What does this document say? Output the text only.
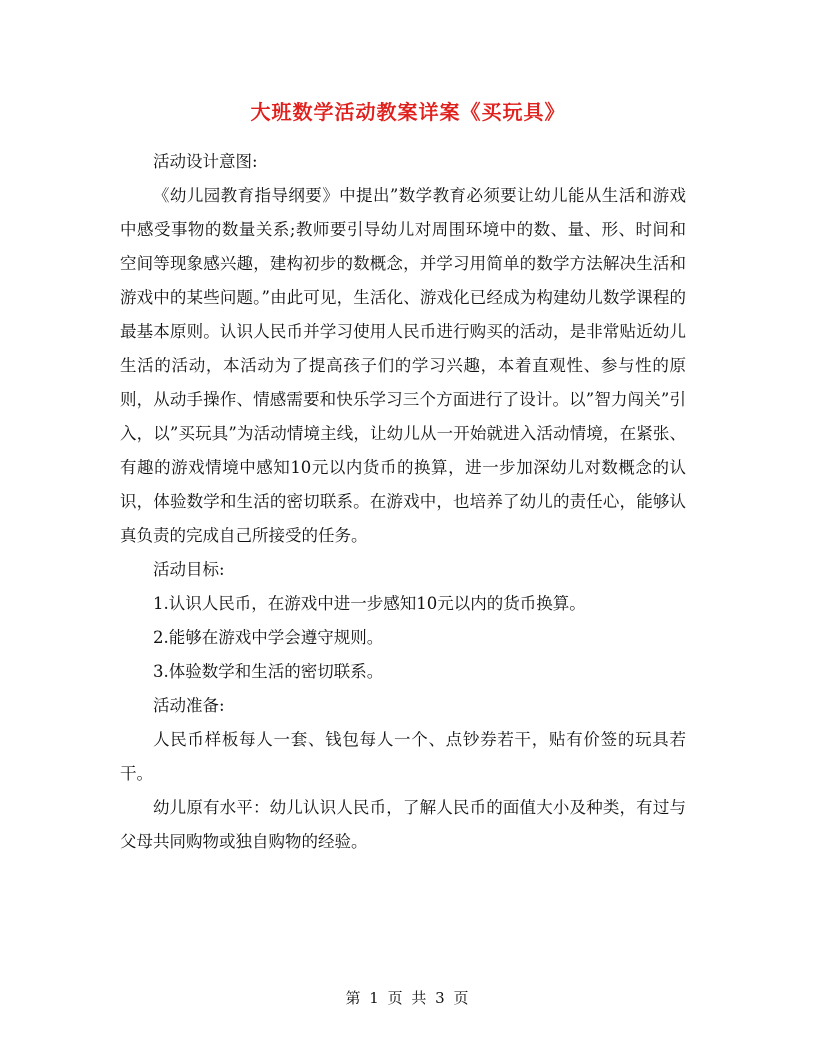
大班数学活动教案详案《买玩具》

活动设计意图:

《幼儿园教育指导纲要》中提出”数学教育必须要让幼儿能从生活和游戏中感受事物的数量关系;教师要引导幼儿对周围环境中的数、量、形、时间和空间等现象感兴趣，建构初步的数概念，并学习用简单的数学方法解决生活和游戏中的某些问题。”由此可见，生活化、游戏化已经成为构建幼儿数学课程的最基本原则。认识人民币并学习使用人民币进行购买的活动，是非常贴近幼儿生活的活动，本活动为了提高孩子们的学习兴趣，本着直观性、参与性的原则，从动手操作、情感需要和快乐学习三个方面进行了设计。以”智力闯关”引入，以”买玩具”为活动情境主线，让幼儿从一开始就进入活动情境，在紧张、有趣的游戏情境中感知10元以内货币的换算，进一步加深幼儿对数概念的认识，体验数学和生活的密切联系。在游戏中，也培养了幼儿的责任心，能够认真负责的完成自己所接受的任务。

活动目标:

1.认识人民币，在游戏中进一步感知10元以内的货币换算。

2.能够在游戏中学会遵守规则。

3.体验数学和生活的密切联系。

活动准备:

人民币样板每人一套、钱包每人一个、点钞券若干，贴有价签的玩具若干。

幼儿原有水平：幼儿认识人民币，了解人民币的面值大小及种类，有过与父母共同购物或独自购物的经验。

第 1 页 共 3 页
